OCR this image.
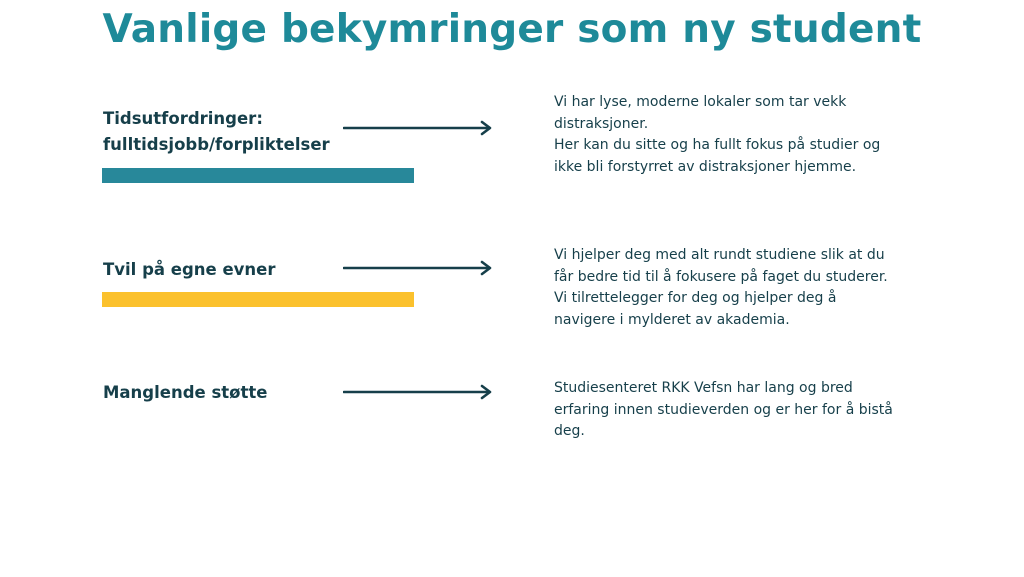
Vanlige bekymringer som ny student
Tidsutfordringer:
fulltidsjobb/forpliktelser

Vi har lyse, moderne lokaler som tar vekk

distraksjoner.

Her kan du sitte og ha fullt fokus på studier og

ikke bli forstyrret av distraksjoner hjemme.

Tvil på egne evner

Vi hjelper deg med alt rundt studiene slik at du

får bedre tid til å fokusere på faget du studerer.

Vi tilrettelegger for deg og hjelper deg å

navigere i mylderet av akademia.

Manglende støtte	Studiesenteret RKK Vefsn har lang og bred

erfaring innen studieverden og er her for å bistå

deg.
